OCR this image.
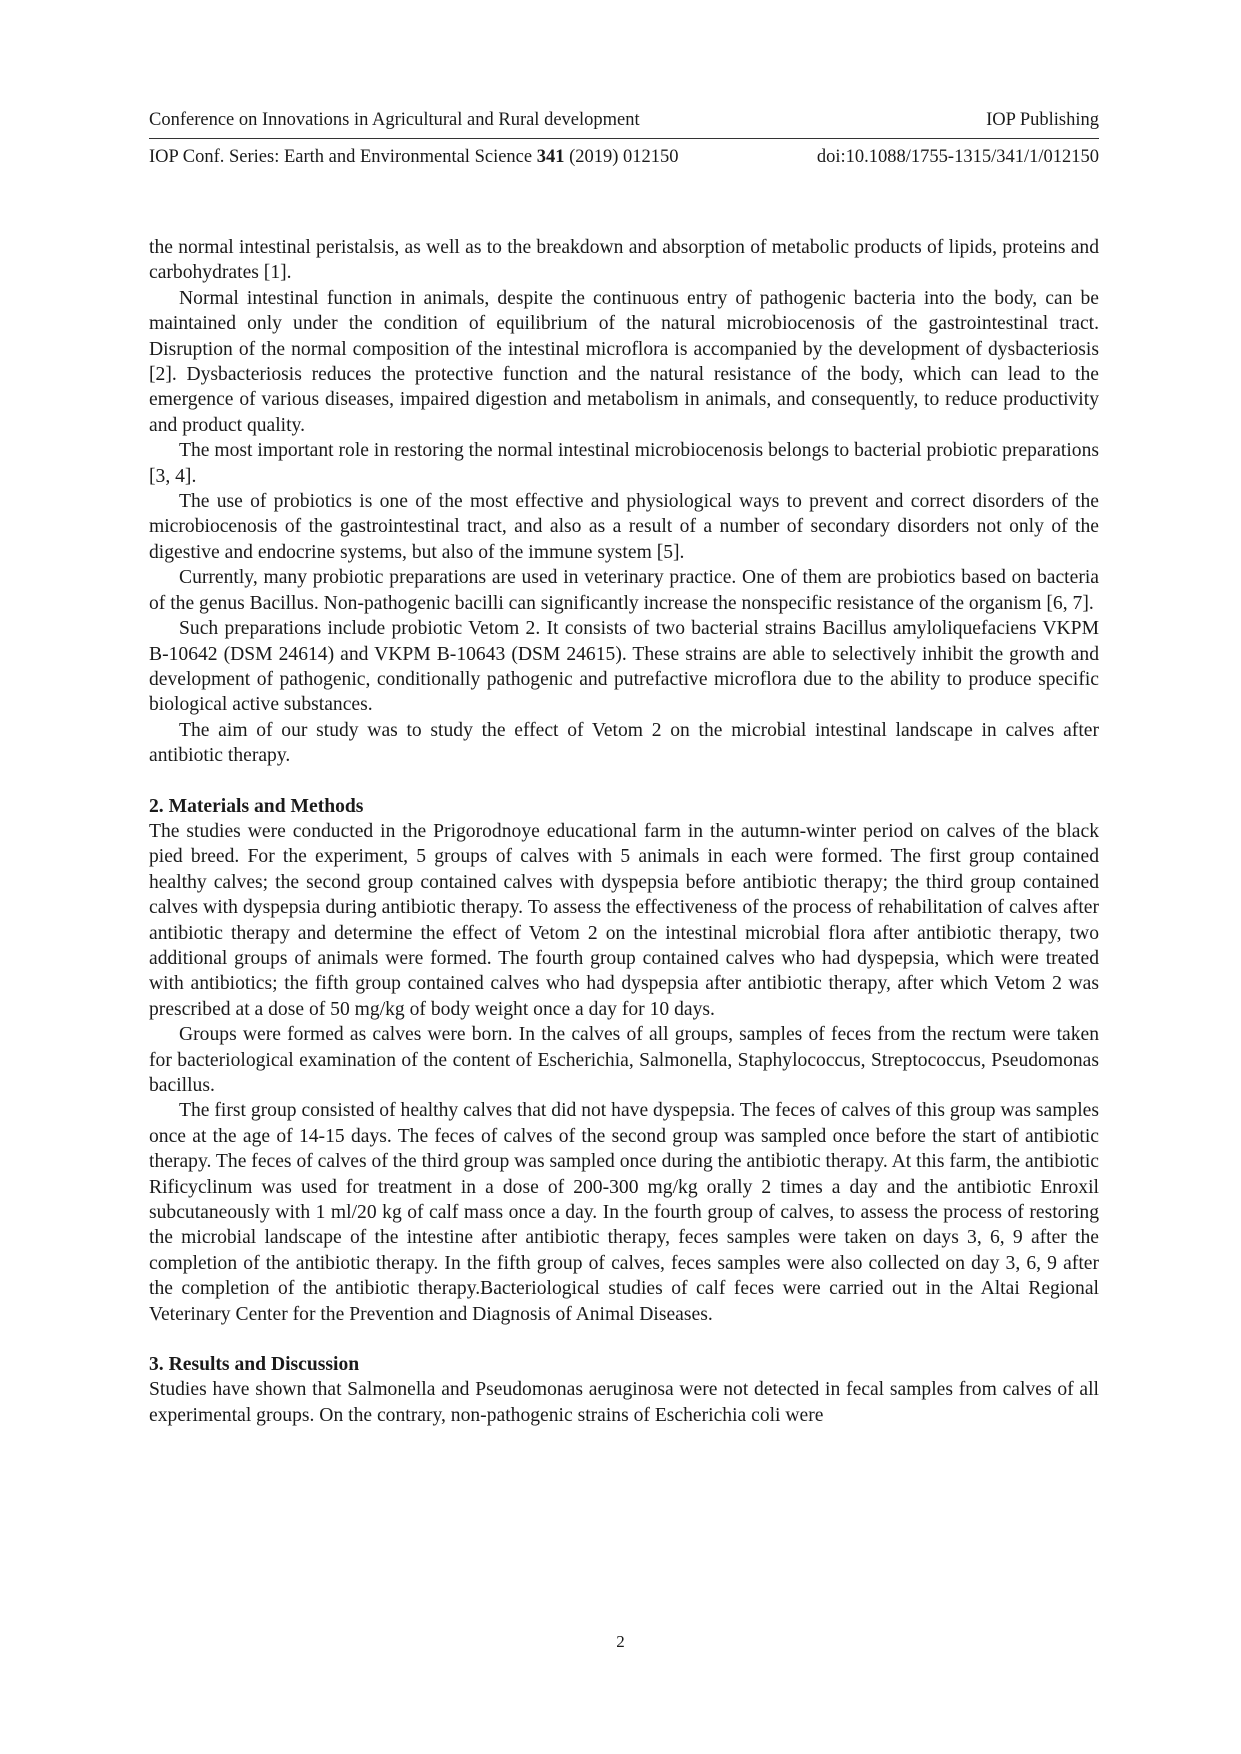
Conference on Innovations in Agricultural and Rural development	IOP Publishing
IOP Conf. Series: Earth and Environmental Science 341 (2019) 012150	doi:10.1088/1755-1315/341/1/012150

the normal intestinal peristalsis, as well as to the breakdown and absorption of metabolic products of lipids, proteins and carbohydrates [1].

Normal intestinal function in animals, despite the continuous entry of pathogenic bacteria into the body, can be maintained only under the condition of equilibrium of the natural microbiocenosis of the gastrointestinal tract. Disruption of the normal composition of the intestinal microflora is accompanied by the development of dysbacteriosis [2]. Dysbacteriosis reduces the protective function and the natural resistance of the body, which can lead to the emergence of various diseases, impaired digestion and metabolism in animals, and consequently, to reduce productivity and product quality.

The most important role in restoring the normal intestinal microbiocenosis belongs to bacterial probiotic preparations [3, 4].

The use of probiotics is one of the most effective and physiological ways to prevent and correct disorders of the microbiocenosis of the gastrointestinal tract, and also as a result of a number of secondary disorders not only of the digestive and endocrine systems, but also of the immune system [5].

Currently, many probiotic preparations are used in veterinary practice. One of them are probiotics based on bacteria of the genus Bacillus. Non-pathogenic bacilli can significantly increase the nonspecific resistance of the organism [6, 7].

Such preparations include probiotic Vetom 2. It consists of two bacterial strains Bacillus amyloliquefaciens VKPM B-10642 (DSM 24614) and VKPM B-10643 (DSM 24615). These strains are able to selectively inhibit the growth and development of pathogenic, conditionally pathogenic and putrefactive microflora due to the ability to produce specific biological active substances.

The aim of our study was to study the effect of Vetom 2 on the microbial intestinal landscape in calves after antibiotic therapy.

2. Materials and Methods

The studies were conducted in the Prigorodnoye educational farm in the autumn-winter period on calves of the black pied breed. For the experiment, 5 groups of calves with 5 animals in each were formed. The first group contained healthy calves; the second group contained calves with dyspepsia before antibiotic therapy; the third group contained calves with dyspepsia during antibiotic therapy. To assess the effectiveness of the process of rehabilitation of calves after antibiotic therapy and determine the effect of Vetom 2 on the intestinal microbial flora after antibiotic therapy, two additional groups of animals were formed. The fourth group contained calves who had dyspepsia, which were treated with antibiotics; the fifth group contained calves who had dyspepsia after antibiotic therapy, after which Vetom 2 was prescribed at a dose of 50 mg/kg of body weight once a day for 10 days.

Groups were formed as calves were born. In the calves of all groups, samples of feces from the rectum were taken for bacteriological examination of the content of Escherichia, Salmonella, Staphylococcus, Streptococcus, Pseudomonas bacillus.

The first group consisted of healthy calves that did not have dyspepsia. The feces of calves of this group was samples once at the age of 14-15 days. The feces of calves of the second group was sampled once before the start of antibiotic therapy. The feces of calves of the third group was sampled once during the antibiotic therapy. At this farm, the antibiotic Rificyclinum was used for treatment in a dose of 200-300 mg/kg orally 2 times a day and the antibiotic Enroxil subcutaneously with 1 ml/20 kg of calf mass once a day. In the fourth group of calves, to assess the process of restoring the microbial landscape of the intestine after antibiotic therapy, feces samples were taken on days 3, 6, 9 after the completion of the antibiotic therapy. In the fifth group of calves, feces samples were also collected on day 3, 6, 9 after the completion of the antibiotic therapy.Bacteriological studies of calf feces were carried out in the Altai Regional Veterinary Center for the Prevention and Diagnosis of Animal Diseases.

3. Results and Discussion

Studies have shown that Salmonella and Pseudomonas aeruginosa were not detected in fecal samples from calves of all experimental groups. On the contrary, non-pathogenic strains of Escherichia coli were

2
